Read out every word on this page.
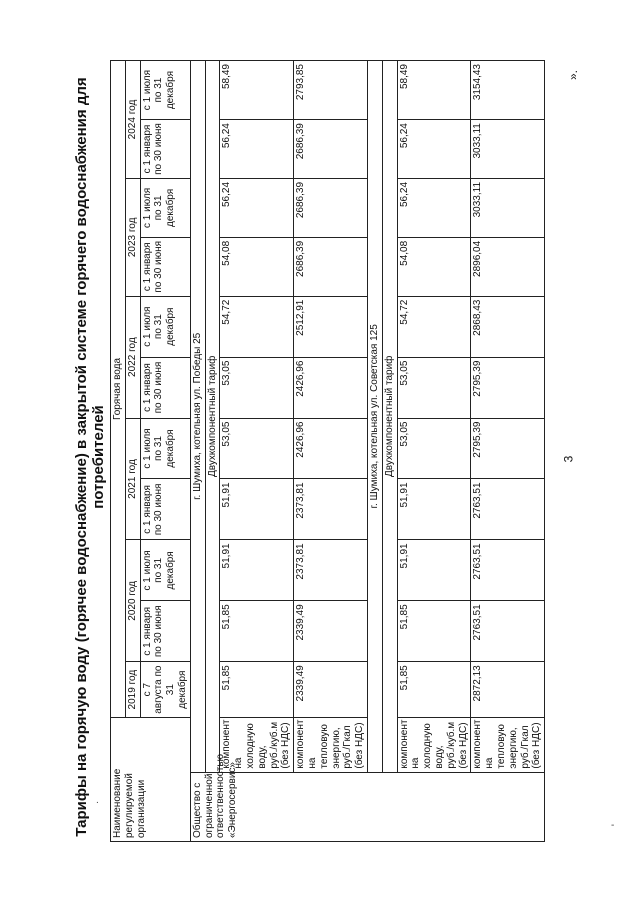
3
Тарифы на горячую воду (горячее водоснабжение) в закрытой системе горячего водоснабжения для потребителей
Наименование регулируемой организации		Горячая вода										
		2019 год	2020 год		2021 год		2022 год		2023 год		2024 год	
		с 7 августа по 31 декабря	с 1 января по 30 июня	с 1 июля по 31 декабря	с 1 января по 30 июня	с 1 июля по 31 декабря	с 1 января по 30 июня	с 1 июля по 31 декабря	с 1 января по 30 июня	с 1 июля по 31 декабря	с 1 января по 30 июня	с 1 июля по 31 декабря
Общество с ограниченной ответственностью «Энергосервис»	г. Шумиха, котельная ул. Победы 25											
	Двухкомпонентный тариф											
	компонент на холодную воду, руб./куб.м (без НДС)	51,85	51,85	51,91	51,91	53,05	53,05	54,72	54,08	56,24	56,24	58,49
	компонент на тепловую энергию, руб./Гкал (без НДС)	2339,49	2339,49	2373,81	2373,81	2426,96	2426,96	2512,91	2686,39	2686,39	2686,39	2793,85
	г. Шумиха, котельная ул. Советская 125											
	Двухкомпонентный тариф											
	компонент на холодную воду, руб./куб.м (без НДС)	51,85	51,85	51,91	51,91	53,05	53,05	54,72	54,08	56,24	56,24	58,49
	компонент на тепловую энергию, руб./Гкал (без НДС)	2872,13	2763,51	2763,51	2763,51	2795,39	2795,39	2868,43	2896,04	3033,11	3033,11	3154,43	».
.
-
